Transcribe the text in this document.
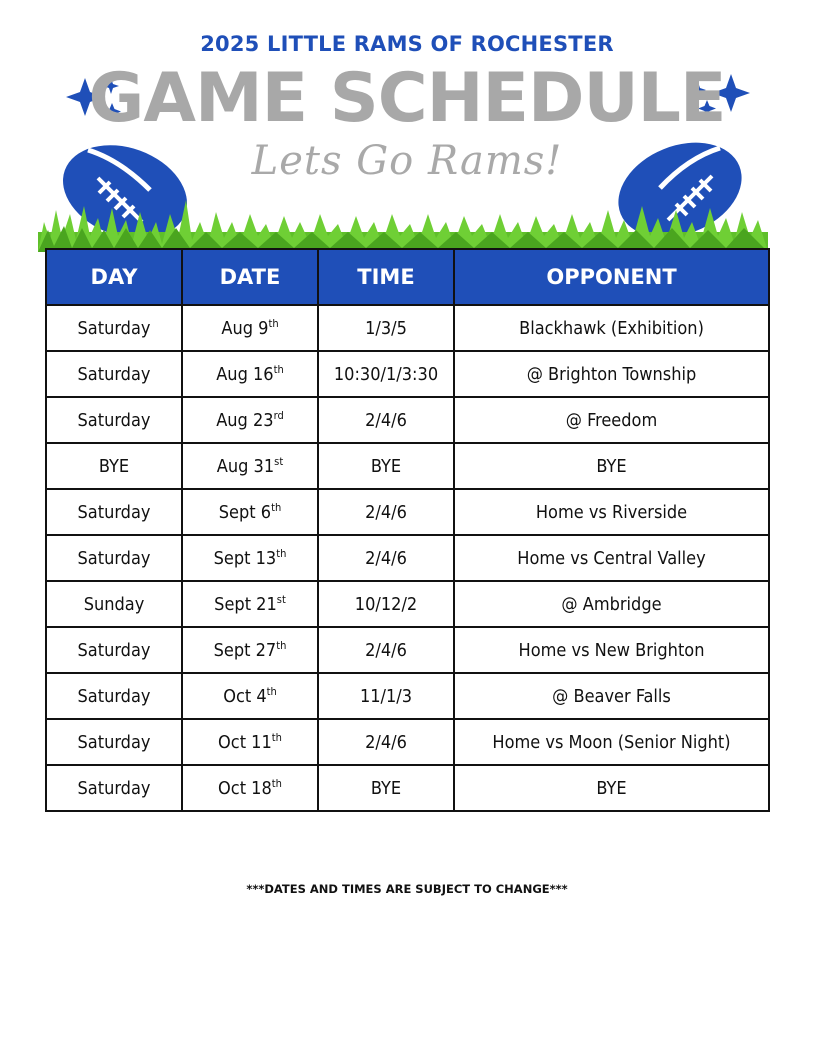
2025 LITTLE RAMS OF ROCHESTER
GAME SCHEDULE
Lets Go Rams!
DAY	DATE	TIME	OPPONENT
Saturday	Aug 9th	1/3/5	Blackhawk (Exhibition)
Saturday	Aug 16th	10:30/1/3:30	@ Brighton Township
Saturday	Aug 23rd	2/4/6	@ Freedom
BYE	Aug 31st	BYE	BYE
Saturday	Sept 6th	2/4/6	Home vs Riverside
Saturday	Sept 13th	2/4/6	Home vs Central Valley
Sunday	Sept 21st	10/12/2	@ Ambridge
Saturday	Sept 27th	2/4/6	Home vs New Brighton
Saturday	Oct 4th	11/1/3	@ Beaver Falls
Saturday	Oct 11th	2/4/6	Home vs Moon (Senior Night)
Saturday	Oct 18th	BYE	BYE
***DATES AND TIMES ARE SUBJECT TO CHANGE***
